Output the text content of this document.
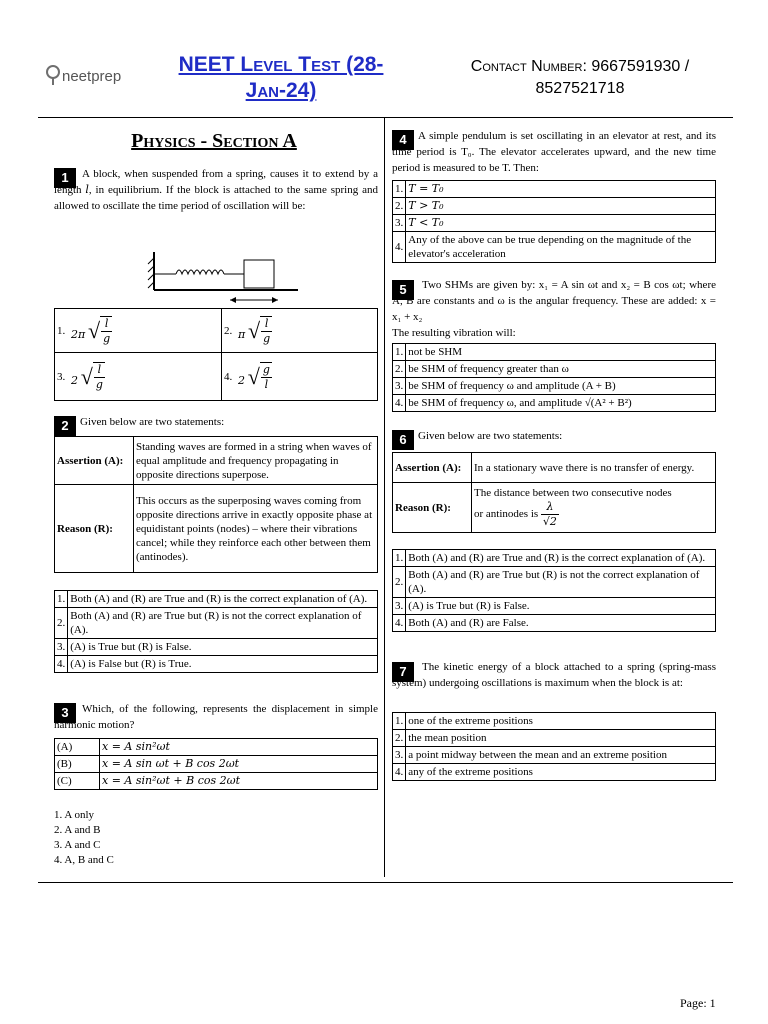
neetprep
NEET Level Test (28-
Jan-24)
Contact Number: 9667591930 /
8527521718
Physics - Section A
1	A block, when suspended from a spring, causes it to extend by a length l, in equilibrium. If the block is attached to the same spring and allowed to oscillate the time period of oscillation will be:
1.	2π √ $\frac{l}{g}$	2.	π √ $\frac{l}{g}$

3.	2 √ $\frac{l}{g}$	4.	2 √ $\frac{g}{l}$
2	Given below are two statements:
Assertion (A):	Standing waves are formed in a string when waves of equal amplitude and frequency propagating in opposite directions superpose.
Reason (R):	This occurs as the superposing waves coming from opposite directions arrive in exactly opposite phase at equidistant points (nodes) – where their vibrations cancel; while they reinforce each other between them (antinodes).
1.	Both (A) and (R) are True and (R) is the correct explanation of (A).
2.	Both (A) and (R) are True but (R) is not the correct explanation of (A).
3.	(A) is True but (R) is False.
4.	(A) is False but (R) is True.
3	Which, of the following, represents the displacement in simple harmonic motion?
(A)	x = A sin²ωt
(B)	x = A sin ωt + B cos 2ωt
(C)	x = A sin²ωt + B cos 2ωt
1. A only
2. A and B
3. A and C
4. A, B and C
4	A simple pendulum is set oscillating in an elevator at rest, and its time period is T₀. The elevator accelerates upward, and the new time period is measured to be T. Then:
1.	T = T₀
2.	T > T₀
3.	T < T₀
4.	Any of the above can be true depending on the magnitude of the elevator's acceleration
5	Two SHMs are given by: x₁ = A sin ωt and x₂ = B cos ωt; where A, B are constants and ω is the angular frequency. These are added: x = x₁ + x₂
The resulting vibration will:
1.	not be SHM
2.	be SHM of frequency greater than ω
3.	be SHM of frequency ω and amplitude (A + B)
4.	be SHM of frequency ω, and amplitude √(A² + B²)
6	Given below are two statements:
Assertion (A):	In a stationary wave there is no transfer of energy.
Reason (R):	The distance between two consecutive nodes
or antinodes is $\frac{\lambda}{√2}$
1.	Both (A) and (R) are True and (R) is the correct explanation of (A).
2.	Both (A) and (R) are True but (R) is not the correct explanation of (A).
3.	(A) is True but (R) is False.
4.	Both (A) and (R) are False.
7	The kinetic energy of a block attached to a spring (spring-mass system) undergoing oscillations is maximum when the block is at:
1.	one of the extreme positions
2.	the mean position
3.	a point midway between the mean and an extreme position
4.	any of the extreme positions
Page: 1
